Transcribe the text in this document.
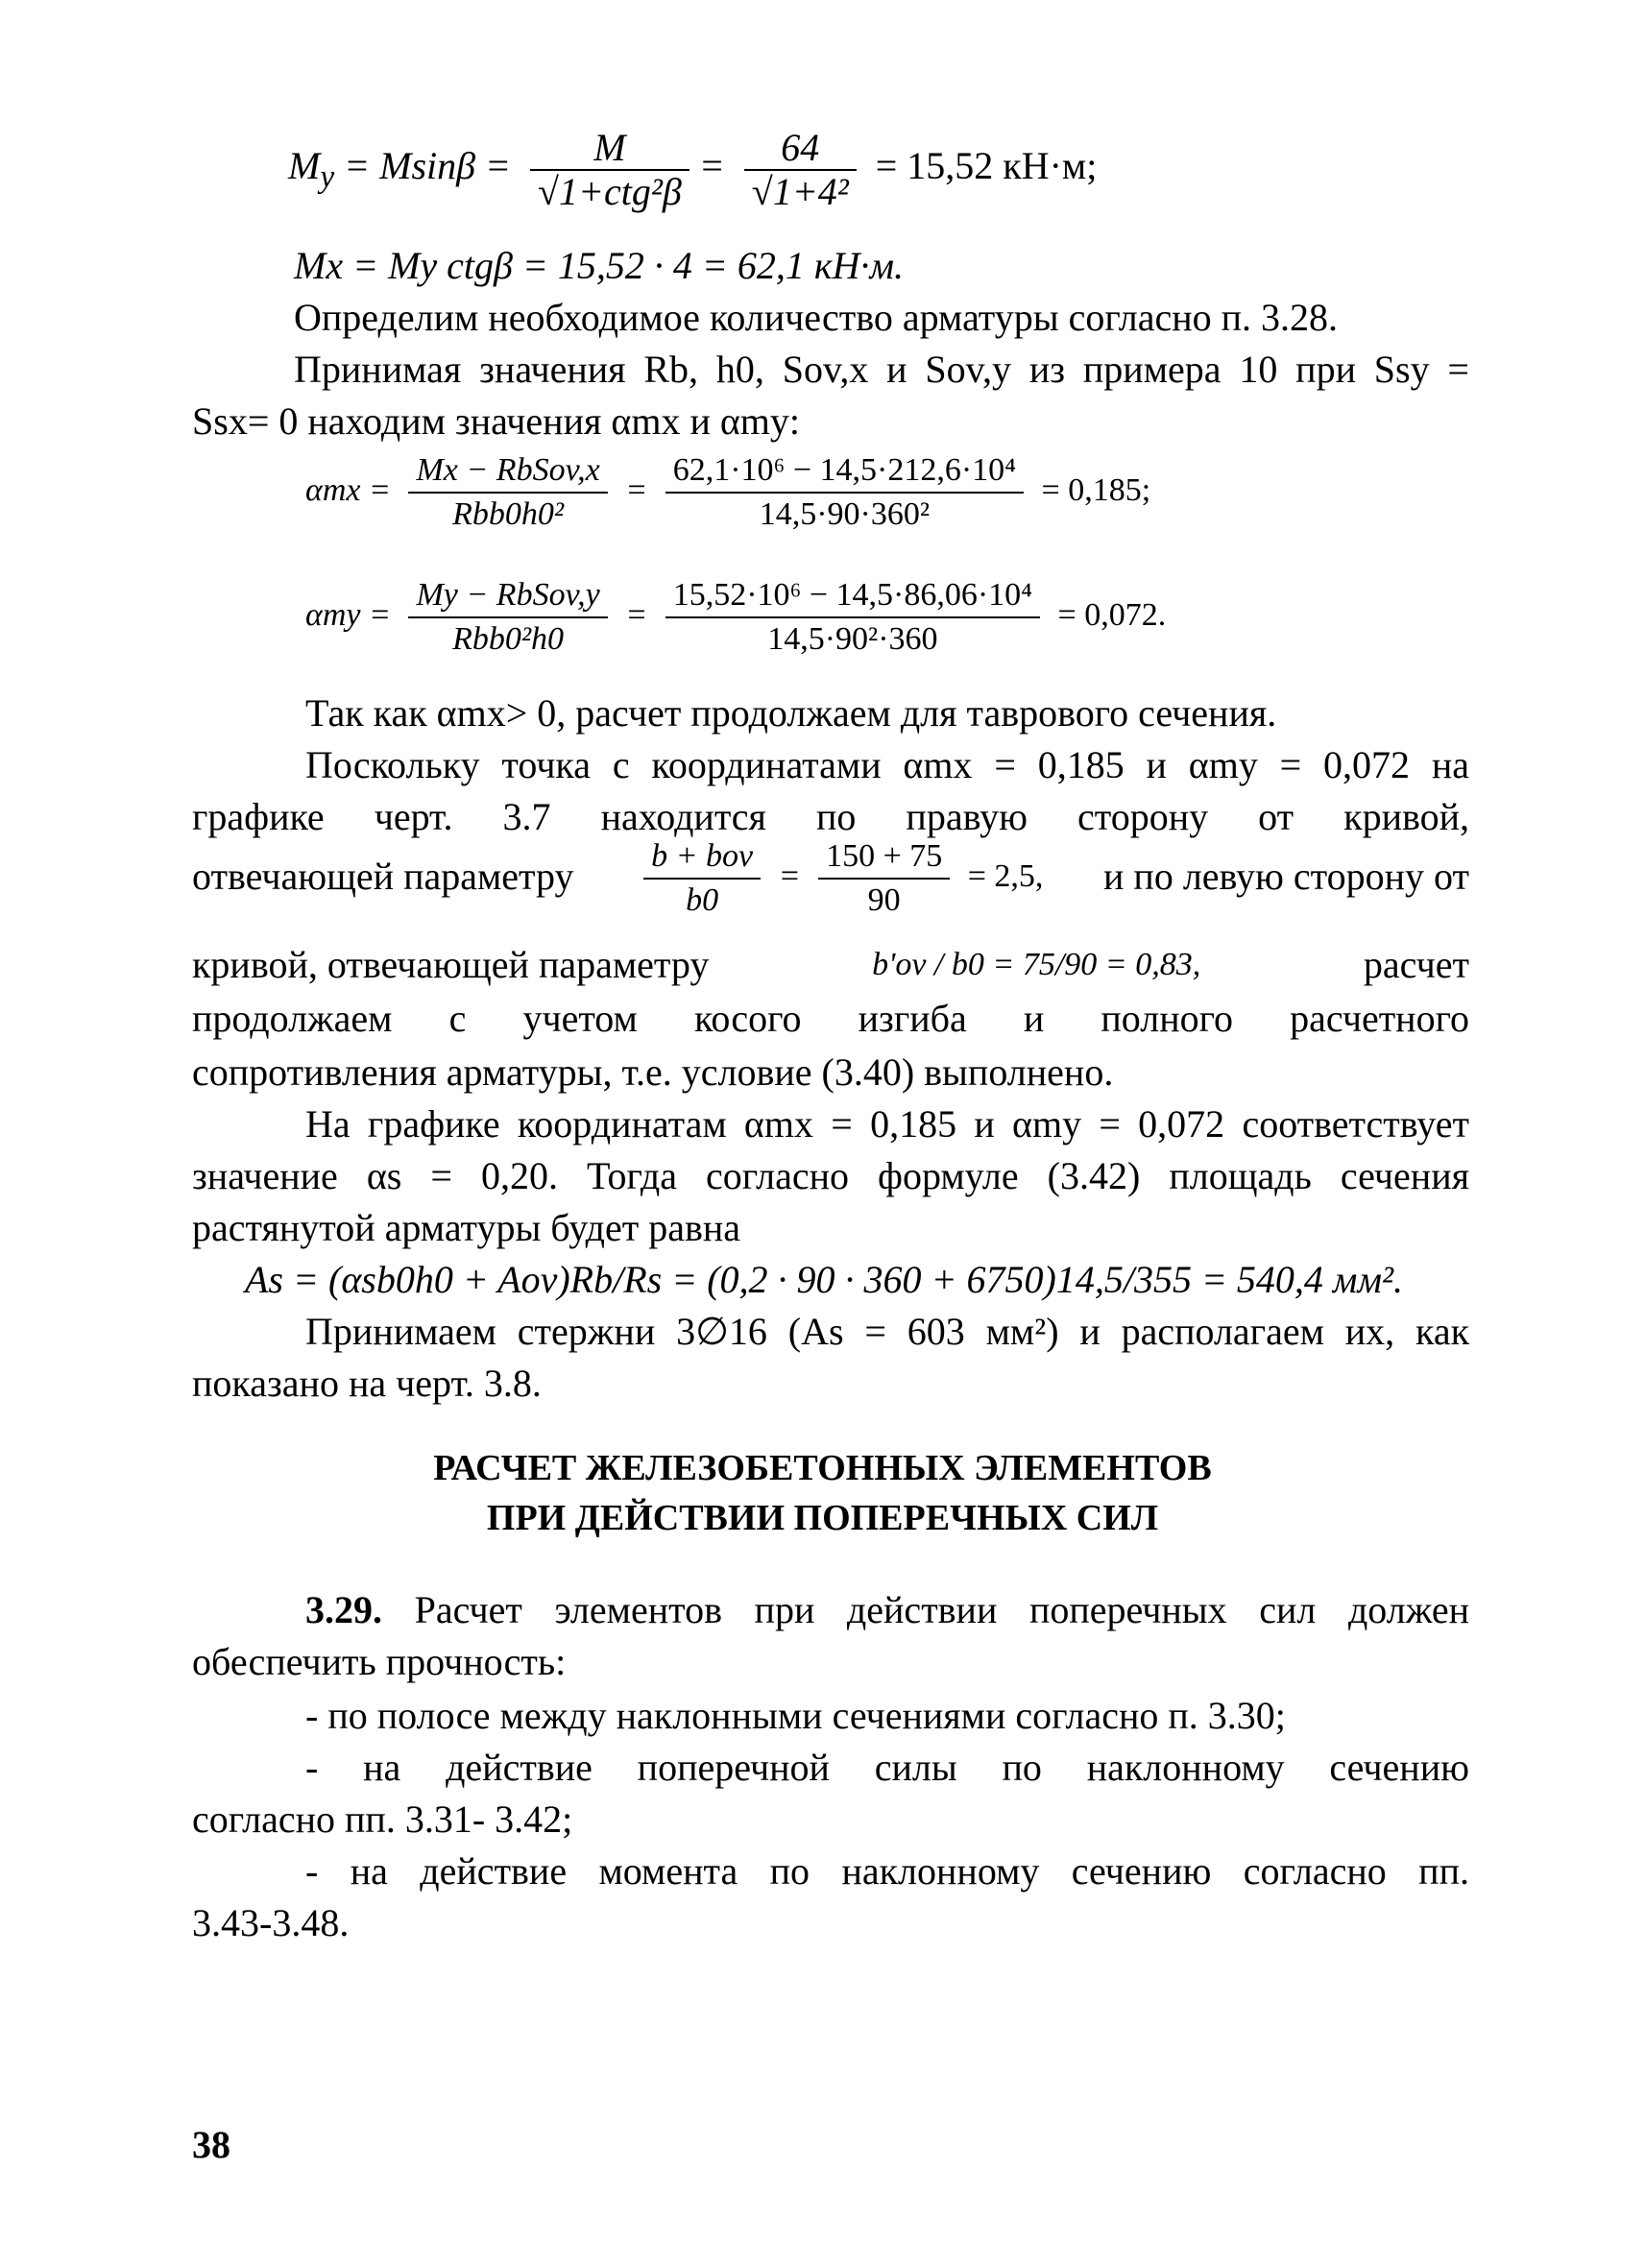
$M_y = Msin\beta = \frac{M}{\text{√1+ctg²β}} = \frac{64}{\text{√1+4²}} = 15,52$ кН·м;
Mx = My ctgβ = 15,52 · 4 = 62,1 кН·м.
Определим необходимое количество арматуры согласно п. 3.28.
Принимая значения Rb, h0, Sov,x и Sov,y из примера 10 при Ssy =
Ssx= 0 находим значения αmx и αmy:
$\alpha mx = \frac{\text{Mx − RbSov,x}}{\text{Rbb0h0²}} = \frac{\text{62,1·10⁶ − 14,5·212,6·10⁴}}{\text{14,5·90·360²}} = 0,185$;
$\alpha my = \frac{\text{My − RbSov,y}}{\text{Rbb0²h0}} = \frac{\text{15,52·10⁶ − 14,5·86,06·10⁴}}{\text{14,5·90²·360}} = 0,072$.
Так как αmx> 0, расчет продолжаем для таврового сечения.
Поскольку точка с координатами αmx = 0,185 и αmy = 0,072 на
графике черт. 3.7 находится по правую сторону от кривой,
отвечающей параметру $\frac{\text{b + bov}}{b0} = \frac{150 + 75}{90} = 2,5$, и по левую сторону от
кривой, отвечающей параметру	b'ov / b0 = 75/90 = 0,83,	расчет
продолжаем с учетом косого изгиба и полного расчетного
сопротивления арматуры, т.е. условие (3.40) выполнено.
На графике координатам αmx = 0,185 и αmy = 0,072 соответствует
значение αs = 0,20. Тогда согласно формуле (3.42) площадь сечения
растянутой арматуры будет равна
As = (αsb0h0 + Aov)Rb/Rs = (0,2 · 90 · 360 + 6750)14,5/355 = 540,4 мм².
Принимаем стержни 3∅16 (As = 603 мм²) и располагаем их, как
показано на черт. 3.8.
РАСЧЕТ ЖЕЛЕЗОБЕТОННЫХ ЭЛЕМЕНТОВ
ПРИ ДЕЙСТВИИ ПОПЕРЕЧНЫХ СИЛ
3.29. Расчет элементов при действии поперечных сил должен
обеспечить прочность:
- по полосе между наклонными сечениями согласно п. 3.30;
- на действие поперечной силы по наклонному сечению
согласно пп. 3.31- 3.42;
- на действие момента по наклонному сечению согласно пп.
3.43-3.48.
38
